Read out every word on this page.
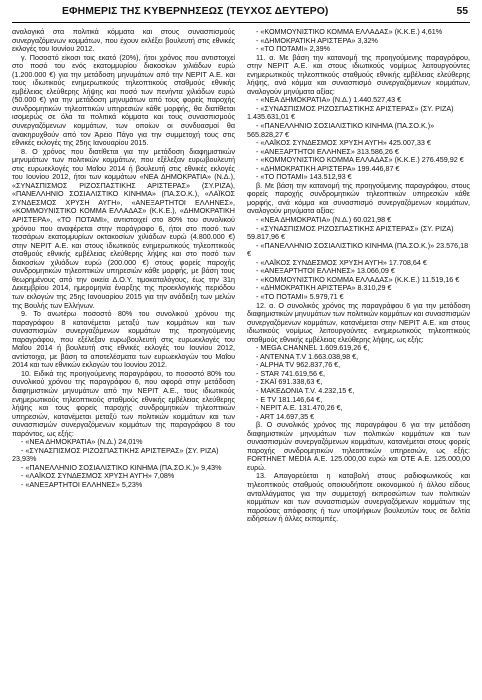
ΕΦΗΜΕΡΙΣ ΤΗΣ ΚΥΒΕΡΝΗΣΕΩΣ (ΤΕΥΧΟΣ ΔΕΥΤΕΡΟ)	55

αναλογικά στα πολιτικά κόμματα και στους συνασπισμούς συνεργαζόμενων κομμάτων, που έχουν εκλέξει βουλευτή στις εθνικές εκλογές του Ιουνίου 2012.

γ. Ποσοστό είκοσι τοις εκατό (20%), ήτοι χρόνος που αντιστοιχεί στο ποσό του ενός εκατομμυρίου διακοσίων χιλιάδων ευρώ (1.200.000 €) για την μετάδοση μηνυμάτων από την ΝΕΡΙΤ Α.Ε. και τους ιδιωτικούς ενημερωτικούς τηλεοπτικούς σταθμούς εθνικής εμβέλειας ελεύθερης λήψης και ποσό των πενήντα χιλιάδων ευρώ (50.000 €) για την μετάδοση μηνυμάτων από τους φορείς παροχής συνδρομητικών τηλεοπτικών υπηρεσιών κάθε μορφής, θα διατίθεται ισομερώς σε όλα τα πολιτικά κόμματα και τους συνασπισμούς συνεργαζόμενων κομμάτων, των οποίων οι συνδυασμοί θα ανακηρυχθούν από τον Άρειο Πάγο για την συμμετοχή τους στις εθνικές εκλογές της 25ης Ιανουαρίου 2015.

8. Ο χρόνος που διατίθεται για την μετάδοση διαφημιστικών μηνυμάτων των πολιτικών κομμάτων, που εξέλεξαν ευρωβουλευτή στις ευρωεκλογές του Μαΐου 2014 ή βουλευτή στις εθνικές εκλογές του Ιουνίου 2012, ήτοι των κομμάτων «ΝΕΑ ΔΗΜΟΚΡΑΤΙΑ» (Ν.Δ.), «ΣΥΝΑΣΠΙΣΜΟΣ ΡΙΖΟΣΠΑΣΤΙΚΗΣ ΑΡΙΣΤΕΡΑΣ» (ΣΥ.ΡΙΖΑ), «ΠΑΝΕΛΛΗΝΙΟ ΣΟΣΙΑΛΙΣΤΙΚΟ ΚΙΝΗΜΑ» (ΠΑ.ΣΟ.Κ.), «ΛΑΪΚΟΣ ΣΥΝΔΕΣΜΟΣ ΧΡΥΣΗ ΑΥΓΗ», «ΑΝΕΞΑΡΤΗΤΟΙ ΕΛΛΗΝΕΣ», «ΚΟΜΜΟΥΝΙΣΤΙΚΟ ΚΟΜΜΑ ΕΛΛΑΔΑΣ» (Κ.Κ.Ε.), «ΔΗΜΟΚΡΑΤΙΚΗ ΑΡΙΣΤΕΡΑ», «ΤΟ ΠΟΤΑΜΙ», αντιστοιχεί στο 80% του συνολικού χρόνου που αναφέρεται στην παράγραφο 6, ήτοι στο ποσό των τεσσάρων εκατομμυρίων οκτακοσίων χιλιάδων ευρώ (4.800.000 €) στην ΝΕΡΙΤ Α.Ε. και στους ιδιωτικούς ενημερωτικούς τηλεοπτικούς σταθμούς εθνικής εμβέλειας ελεύθερης λήψης και στο ποσό των διακοσίων χιλιάδων ευρώ (200.000 €) στους φορείς παροχής συνδρομητικών τηλεοπτικών υπηρεσιών κάθε μορφής, με βάση τους θεωρημένους από την οικεία Δ.Ο.Υ. τιμοκαταλόγους, έως την 31η Δεκεμβρίου 2014, ημερομηνία έναρξης της προεκλογικής περιόδου των εκλογών της 25ης Ιανουαρίου 2015 για την ανάδειξη των μελών της Βουλής των Ελλήνων.

9. Το ανωτέρω ποσοστό 80% του συνολικού χρόνου της παραγράφου 8 κατανέμεται μεταξύ των κομμάτων και των συνασπισμών συνεργαζόμενων κομμάτων της προηγούμενης παραγράφου, που εξέλεξαν ευρωβουλευτή στις ευρωεκλογές του Μαΐου 2014 ή βουλευτή στις εθνικές εκλογές του Ιουνίου 2012, αντίστοιχα, με βάση τα αποτελέσματα των ευρωεκλογών του Μαΐου 2014 και των εθνικών εκλογών του Ιουνίου 2012.

10. Ειδικά της προηγούμενης παραγράφου, το ποσοστό 80% του συνολικού χρόνου της παραγράφου 6, που αφορά στην μετάδοση διαφημιστικών μηνυμάτων από την ΝΕΡΙΤ Α.Ε., τους ιδιωτικούς ενημερωτικούς τηλεοπτικούς σταθμούς εθνικής εμβέλειας ελεύθερης λήψης και τους φορείς παροχής συνδρομητικών τηλεοπτικών υπηρεσιών, κατανέμεται μεταξύ των πολιτικών κομμάτων και των συνασπισμών συνεργαζόμενων κομμάτων της παραγράφου 8 του παρόντος, ως εξής:

- «ΝΕΑ ΔΗΜΟΚΡΑΤΙΑ» (Ν.Δ.) 24,01%

- «ΣΥΝΑΣΠΙΣΜΟΣ ΡΙΖΟΣΠΑΣΤΙΚΗΣ ΑΡΙΣΤΕΡΑΣ» (ΣΥ. ΡΙΖΑ) 23,93%

- «ΠΑΝΕΛΛΗΝΙΟ ΣΟΣΙΑΛΙΣΤΙΚΟ ΚΙΝΗΜΑ (ΠΑ.ΣΟ.Κ.)» 9,43%

- «ΛΑΪΚΟΣ ΣΥΝΔΕΣΜΟΣ ΧΡΥΣΗ ΑΥΓΗ» 7,08%

- «ΑΝΕΞΑΡΤΗΤΟΙ ΕΛΛΗΝΕΣ» 5,23%

- «ΚΟΜΜΟΥΝΙΣΤΙΚΟ ΚΟΜΜΑ ΕΛΛΑΔΑΣ» (Κ.Κ.Ε.) 4,61%

- «ΔΗΜΟΚΡΑΤΙΚΗ ΑΡΙΣΤΕΡΑ» 3,32%

- «ΤΟ ΠΟΤΑΜΙ» 2,39%

11. α. Με βάση την κατανομή της προηγούμενης παραγράφου, στην ΝΕΡΙΤ Α.Ε. και στους ιδιωτικούς νομίμως λειτουργούντες ενημερωτικούς τηλεοπτικούς σταθμούς εθνικής εμβέλειας ελεύθερης λήψης, ανά κόμμα και συνασπισμό συνεργαζόμενων κομμάτων, αναλογούν μηνύματα αξίας:

- «ΝΕΑ ΔΗΜΟΚΡΑΤΙΑ» (Ν.Δ.) 1.440.527,43 €

- «ΣΥΝΑΣΠΙΣΜΟΣ ΡΙΖΟΣΠΑΣΤΙΚΗΣ ΑΡΙΣΤΕΡΑΣ» (ΣΥ. ΡΙΖΑ) 1.435.631,01 €

- «ΠΑΝΕΛΛΗΝΙΟ ΣΟΣΙΑΛΙΣΤΙΚΟ ΚΙΝΗΜΑ (ΠΑ.ΣΟ.Κ.)» 565.828,27 €

- «ΛΑΪΚΟΣ ΣΥΝΔΕΣΜΟΣ ΧΡΥΣΗ ΑΥΓΗ» 425.007,33 €

- «ΑΝΕΞΑΡΤΗΤΟΙ ΕΛΛΗΝΕΣ» 313.586,26 €

- «ΚΟΜΜΟΥΝΙΣΤΙΚΟ ΚΟΜΜΑ ΕΛΛΑΔΑΣ» (Κ.Κ.Ε.) 276.459,92 €

- «ΔΗΜΟΚΡΑΤΙΚΗ ΑΡΙΣΤΕΡΑ» 199.446,87 €

- «ΤΟ ΠΟΤΑΜΙ» 143.512,93 €

β. Με βάση την κατανομή της προηγούμενης παραγράφου, στους φορείς παροχής συνδρομητικών τηλεοπτικών υπηρεσιών κάθε μορφής, ανά κόμμα και συνασπισμό συνεργαζόμενων κομμάτων, αναλογούν μηνύματα αξίας:

- «ΝΕΑ ΔΗΜΟΚΡΑΤΙΑ» (Ν.Δ.) 60.021,98 €

- «ΣΥΝΑΣΠΙΣΜΟΣ ΡΙΖΟΣΠΑΣΤΙΚΗΣ ΑΡΙΣΤΕΡΑΣ» (ΣΥ. ΡΙΖΑ) 59.817,96 €

- «ΠΑΝΕΛΛΗΝΙΟ ΣΟΣΙΑΛΙΣΤΙΚΟ ΚΙΝΗΜΑ (ΠΑ.ΣΟ.Κ.)» 23.576,18 €

- «ΛΑΪΚΟΣ ΣΥΝΔΕΣΜΟΣ ΧΡΥΣΗ ΑΥΓΗ» 17.708,64 €

- «ΑΝΕΞΑΡΤΗΤΟΙ ΕΛΛΗΝΕΣ» 13.066,09 €

- «ΚΟΜΜΟΥΝΙΣΤΙΚΟ ΚΟΜΜΑ ΕΛΛΑΔΑΣ» (Κ.Κ.Ε.) 11.519,16 €

- «ΔΗΜΟΚΡΑΤΙΚΗ ΑΡΙΣΤΕΡΑ» 8.310,29 €

- «ΤΟ ΠΟΤΑΜΙ» 5.979,71 €

12. α. Ο συνολικός χρόνος της παραγράφου 6 για την μετάδοση διαφημιστικών μηνυμάτων των πολιτικών κομμάτων και συνασπισμών συνεργαζόμενων κομμάτων, κατανέμεται στην ΝΕΡΙΤ Α.Ε. και στους ιδιωτικούς νομίμως λειτουργούντες ενημερωτικούς τηλεοπτικούς σταθμούς εθνικής εμβέλειας ελεύθερης λήψης, ως εξής:

- MEGA CHANNEL 1.609.619,26 €,

- ANTENNA T.V 1.663.038,98 €,

- ALPHA TV 962.837,76 €,

- STAR 741.619,56 €,

- ΣΚΑΪ 691.338,63 €,

- ΜΑΚΕΔΟΝΙΑ T.V. 4.232,15 €,

- E TV 181.146,64 €,

- ΝΕΡΙΤ Α.Ε. 131.470,26 €,

- ART 14.697,35 €

β. Ο συνολικός χρόνος της παραγράφου 6 για την μετάδοση διαφημιστικών μηνυμάτων των πολιτικών κομμάτων και των συνασπισμών συνεργαζόμενων κομμάτων, κατανέμεται στους φορείς παροχής συνδρομητικών τηλεοπτικών υπηρεσιών, ως εξής: FORTHNET MEDIA Α.Ε. 125.000,00 ευρώ και OTE A.E. 125.000,00 ευρώ.

13. Απαγορεύεται η καταβολή στους ραδιοφωνικούς και τηλεοπτικούς σταθμούς οποιουδήποτε οικονομικού ή άλλου είδους ανταλλάγματος για την συμμετοχή εκπροσώπων των πολιτικών κομμάτων και των συνασπισμών συνεργαζόμενων κομμάτων της παρούσας απόφασης ή των υποψήφιων βουλευτών τους σε δελτία ειδήσεων ή άλλες εκπομπές.
